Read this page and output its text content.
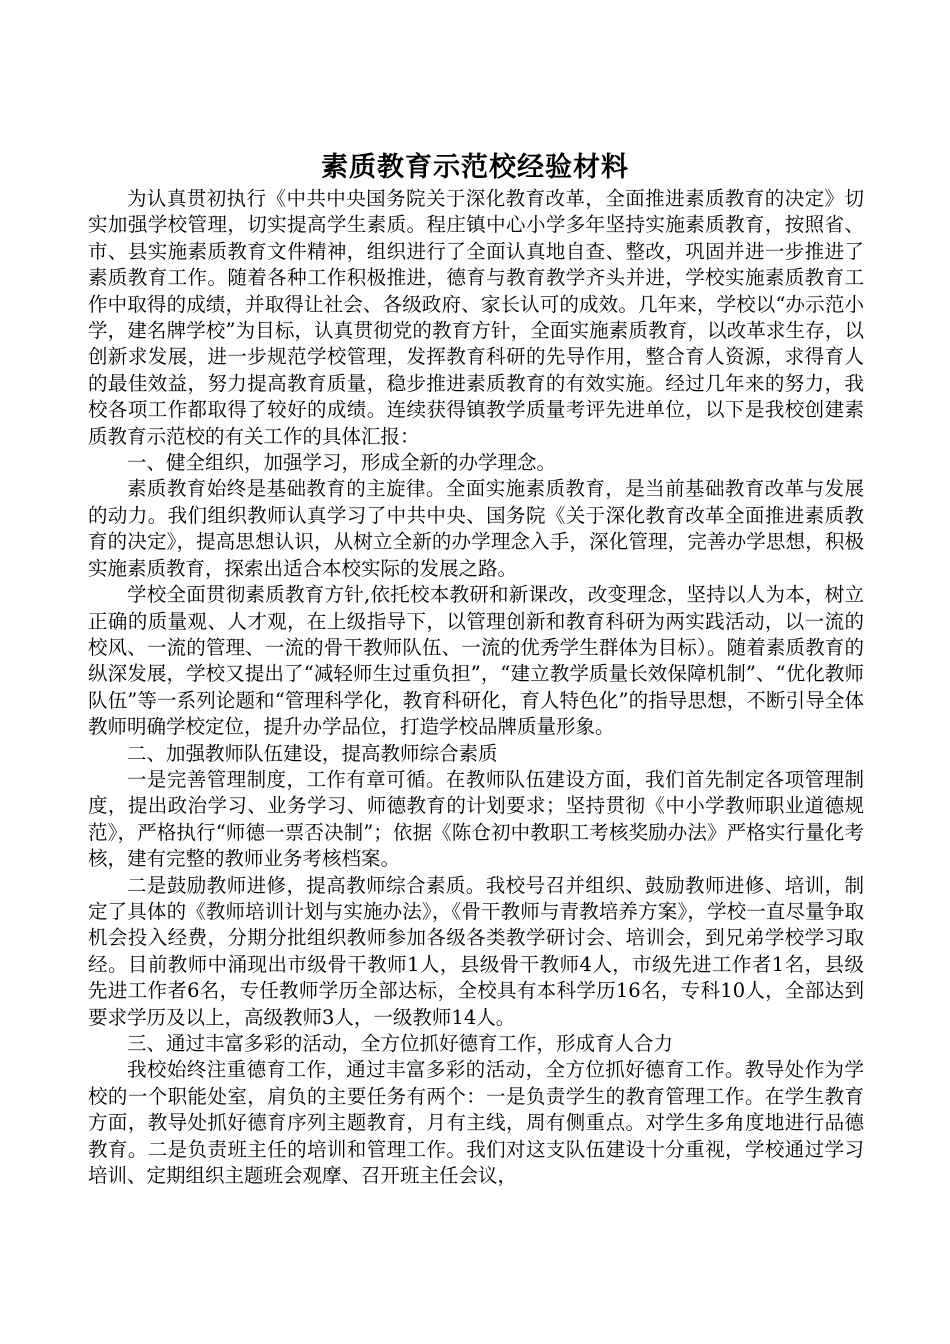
素质教育示范校经验材料

为认真贯初执行《中共中央国务院关于深化教育改革，全面推进素质教育的决定》切实加强学校管理，切实提高学生素质。程庄镇中心小学多年坚持实施素质教育，按照省、市、县实施素质教育文件精神，组织进行了全面认真地自查、整改，巩固并进一步推进了素质教育工作。随着各种工作积极推进，德育与教育教学齐头并进，学校实施素质教育工作中取得的成绩，并取得让社会、各级政府、家长认可的成效。几年来，学校以“办示范小学，建名牌学校”为目标，认真贯彻党的教育方针，全面实施素质教育，以改革求生存，以创新求发展，进一步规范学校管理，发挥教育科研的先导作用，整合育人资源，求得育人的最佳效益，努力提高教育质量，稳步推进素质教育的有效实施。经过几年来的努力，我校各项工作都取得了较好的成绩。连续获得镇教学质量考评先进单位，以下是我校创建素质教育示范校的有关工作的具体汇报：

一、健全组织，加强学习，形成全新的办学理念。

素质教育始终是基础教育的主旋律。全面实施素质教育，是当前基础教育改革与发展的动力。我们组织教师认真学习了中共中央、国务院《关于深化教育改革全面推进素质教育的决定》，提高思想认识，从树立全新的办学理念入手，深化管理，完善办学思想，积极实施素质教育，探索出适合本校实际的发展之路。

学校全面贯彻素质教育方针,依托校本教研和新课改，改变理念，坚持以人为本，树立正确的质量观、人才观，在上级指导下，以管理创新和教育科研为两实践活动，以一流的校风、一流的管理、一流的骨干教师队伍、一流的优秀学生群体为目标）。随着素质教育的纵深发展，学校又提出了“减轻师生过重负担”，“建立教学质量长效保障机制”、“优化教师队伍”等一系列论题和“管理科学化，教育科研化，育人特色化”的指导思想，不断引导全体教师明确学校定位，提升办学品位，打造学校品牌质量形象。

二、加强教师队伍建设，提高教师综合素质

一是完善管理制度，工作有章可循。在教师队伍建设方面，我们首先制定各项管理制度，提出政治学习、业务学习、师德教育的计划要求；坚持贯彻《中小学教师职业道德规范》，严格执行“师德一票否决制”；依据《陈仓初中教职工考核奖励办法》严格实行量化考核，建有完整的教师业务考核档案。

二是鼓励教师进修，提高教师综合素质。我校号召并组织、鼓励教师进修、培训，制定了具体的《教师培训计划与实施办法》，《骨干教师与青教培养方案》，学校一直尽量争取机会投入经费，分期分批组织教师参加各级各类教学研讨会、培训会，到兄弟学校学习取经。目前教师中涌现出市级骨干教师1人，县级骨干教师4人，市级先进工作者1名，县级先进工作者6名，专任教师学历全部达标，全校具有本科学历16名，专科10人，全部达到要求学历及以上，高级教师3人，一级教师14人。

三、通过丰富多彩的活动，全方位抓好德育工作，形成育人合力

我校始终注重德育工作，通过丰富多彩的活动，全方位抓好德育工作。教导处作为学校的一个职能处室，肩负的主要任务有两个：一是负责学生的教育管理工作。在学生教育方面，教导处抓好德育序列主题教育，月有主线，周有侧重点。对学生多角度地进行品德教育。二是负责班主任的培训和管理工作。我们对这支队伍建设十分重视，学校通过学习培训、定期组织主题班会观摩、召开班主任会议，
